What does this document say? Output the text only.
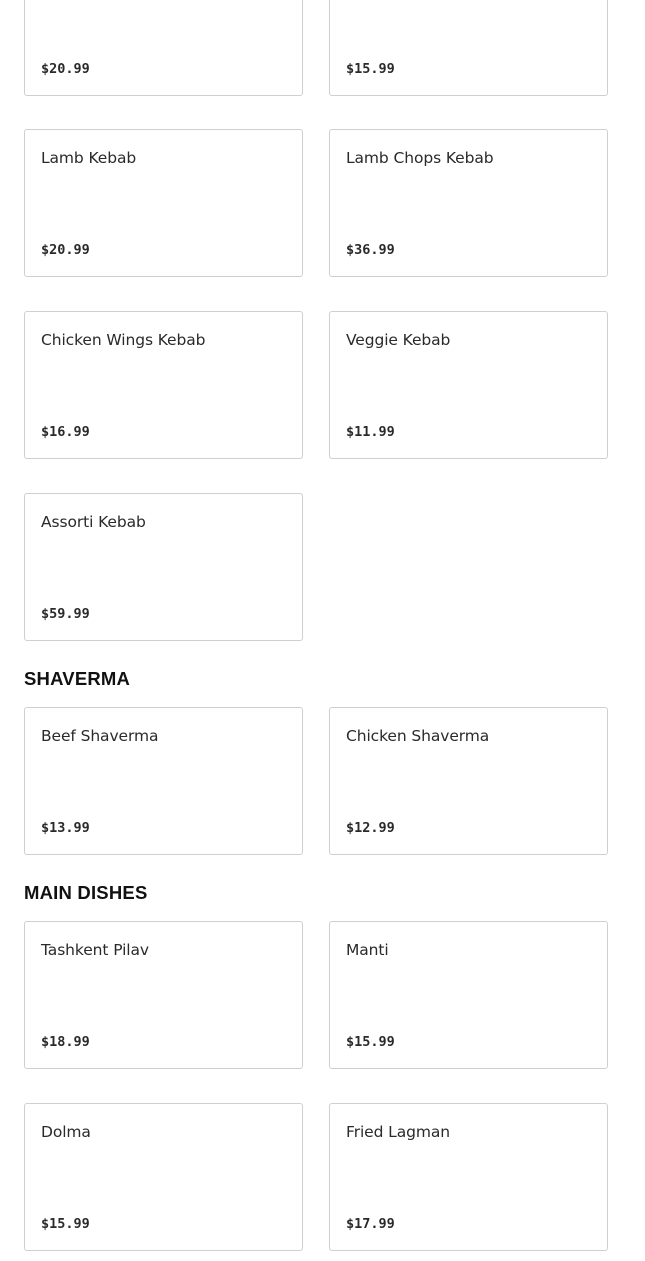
$20.99	$15.99
Lamb Kebab
$20.99
Lamb Chops Kebab
$36.99
Chicken Wings Kebab
$16.99
Veggie Kebab
$11.99
Assorti Kebab
$59.99
SHAVERMA
Beef Shaverma
$13.99
Chicken Shaverma
$12.99
MAIN DISHES
Tashkent Pilav
$18.99
Manti
$15.99
Dolma
$15.99
Fried Lagman
$17.99
